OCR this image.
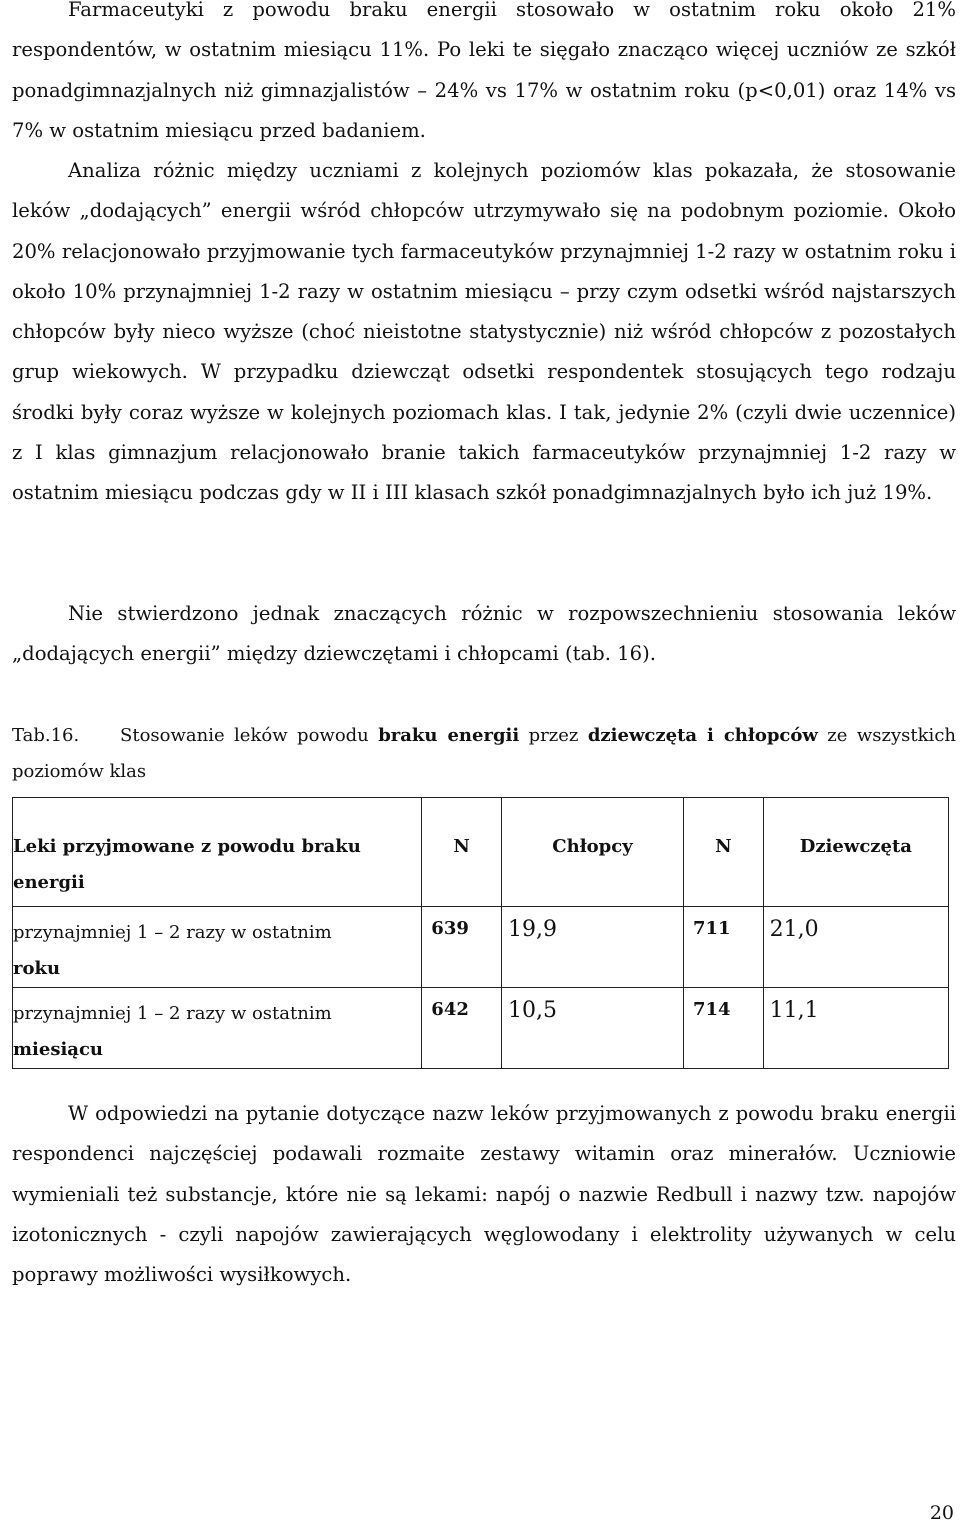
Farmaceutyki z powodu braku energii stosowało w ostatnim roku około 21% respondentów, w ostatnim miesiącu 11%. Po leki te sięgało znacząco więcej uczniów ze szkół ponadgimnazjalnych niż gimnazjalistów – 24% vs 17% w ostatnim roku (p<0,01) oraz 14% vs 7% w ostatnim miesiącu przed badaniem.

Analiza różnic między uczniami z kolejnych poziomów klas pokazała, że stosowanie leków „dodających” energii wśród chłopców utrzymywało się na podobnym poziomie. Około 20% relacjonowało przyjmowanie tych farmaceutyków przynajmniej 1-2 razy w ostatnim roku i około 10% przynajmniej 1-2 razy w ostatnim miesiącu – przy czym odsetki wśród najstarszych chłopców były nieco wyższe (choć nieistotne statystycznie) niż wśród chłopców z pozostałych grup wiekowych. W przypadku dziewcząt odsetki respondentek stosujących tego rodzaju środki były coraz wyższe w kolejnych poziomach klas. I tak, jedynie 2% (czyli dwie uczennice) z I klas gimnazjum relacjonowało branie takich farmaceutyków przynajmniej 1-2 razy w ostatnim miesiącu podczas gdy w II i III klasach szkół ponadgimnazjalnych było ich już 19%.

Nie stwierdzono jednak znaczących różnic w rozpowszechnieniu stosowania leków „dodających energii” między dziewczętami i chłopcami (tab. 16).

Tab.16. Stosowanie leków powodu braku energii przez dziewczęta i chłopców ze wszystkich poziomów klas

Leki przyjmowane z powodu braku energii	N	Chłopcy	N	Dziewczęta

przynajmniej 1 – 2 razy w ostatnim
roku	639	19,9	711	21,0

przynajmniej 1 – 2 razy w ostatnim
miesiącu	642	10,5	714	11,1

W odpowiedzi na pytanie dotyczące nazw leków przyjmowanych z powodu braku energii respondenci najczęściej podawali rozmaite zestawy witamin oraz minerałów. Uczniowie wymieniali też substancje, które nie są lekami: napój o nazwie Redbull i nazwy tzw. napojów izotonicznych - czyli napojów zawierających węglowodany i elektrolity używanych w celu poprawy możliwości wysiłkowych.

20
